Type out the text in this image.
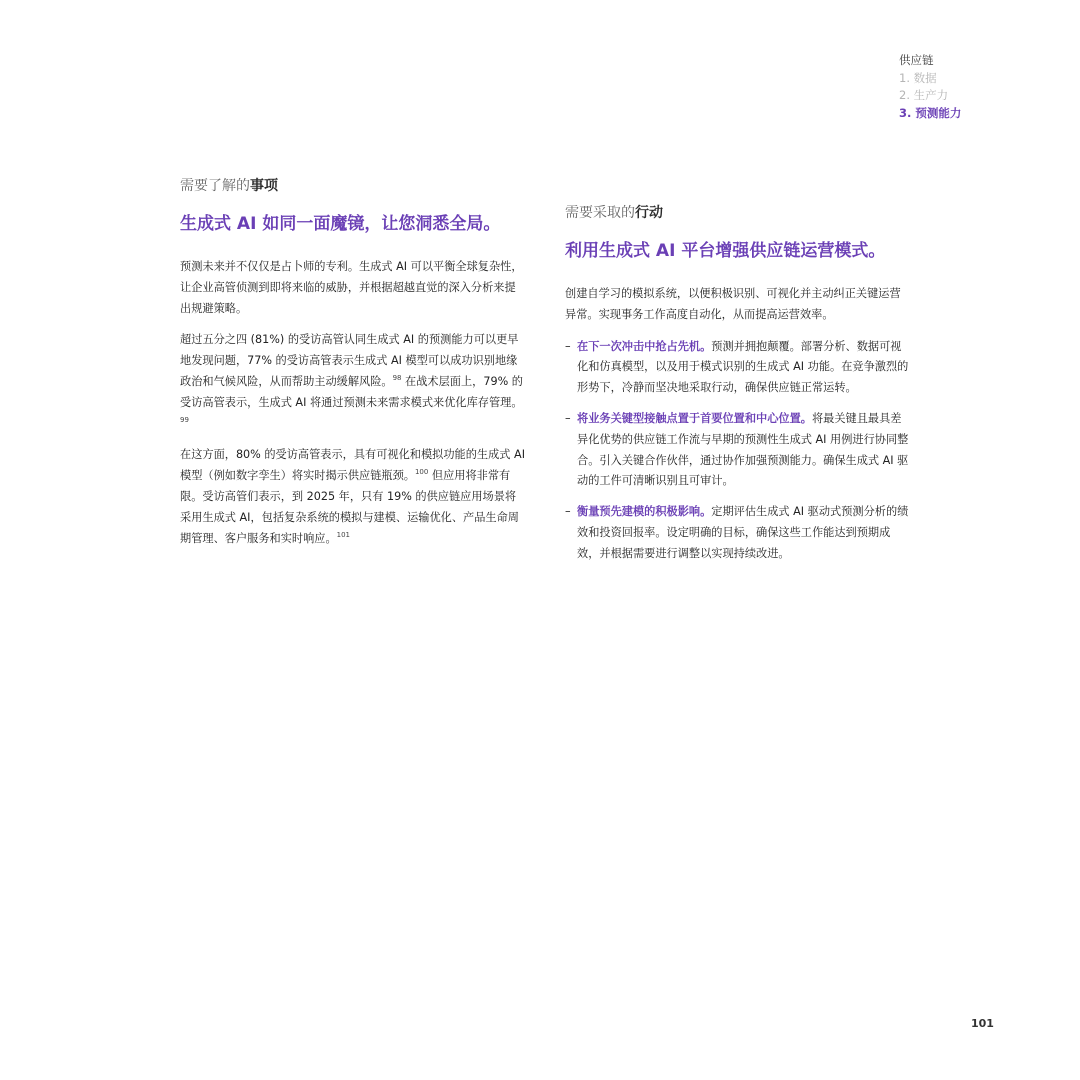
供应链
1. 数据
2. 生产力
3. 预测能力
需要了解的事项
生成式 AI 如同一面魔镜，让您洞悉全局。

预测未来并不仅仅是占卜师的专利。生成式 AI 可以平衡全球复杂性，让企业高管侦测到即将来临的威胁，并根据超越直觉的深入分析来提出规避策略。

超过五分之四 (81%) 的受访高管认同生成式 AI 的预测能力可以更早地发现问题，77% 的受访高管表示生成式 AI 模型可以成功识别地缘政治和气候风险，从而帮助主动缓解风险。$^{98}$ 在战术层面上，79% 的受访高管表示，生成式 AI 将通过预测未来需求模式来优化库存管理。$^{99}$

在这方面，80% 的受访高管表示，具有可视化和模拟功能的生成式 AI 模型（例如数字孪生）将实时揭示供应链瓶颈。$^{100}$ 但应用将非常有限。受访高管们表示，到 2025 年，只有 19% 的供应链应用场景将采用生成式 AI，包括复杂系统的模拟与建模、运输优化、产品生命周期管理、客户服务和实时响应。$^{101}$

需要采取的行动
利用生成式 AI 平台增强供应链运营模式。

创建自学习的模拟系统，以便积极识别、可视化并主动纠正关键运营异常。实现事务工作高度自动化，从而提高运营效率。

– 在下一次冲击中抢占先机。预测并拥抱颠覆。部署分析、数据可视化和仿真模型，以及用于模式识别的生成式 AI 功能。在竞争激烈的形势下，冷静而坚决地采取行动，确保供应链正常运转。
– 将业务关键型接触点置于首要位置和中心位置。将最关键且最具差异化优势的供应链工作流与早期的预测性生成式 AI 用例进行协同整合。引入关键合作伙伴，通过协作加强预测能力。确保生成式 AI 驱动的工件可清晰识别且可审计。
– 衡量预先建模的积极影响。定期评估生成式 AI 驱动式预测分析的绩效和投资回报率。设定明确的目标，确保这些工作能达到预期成效，并根据需要进行调整以实现持续改进。
101
